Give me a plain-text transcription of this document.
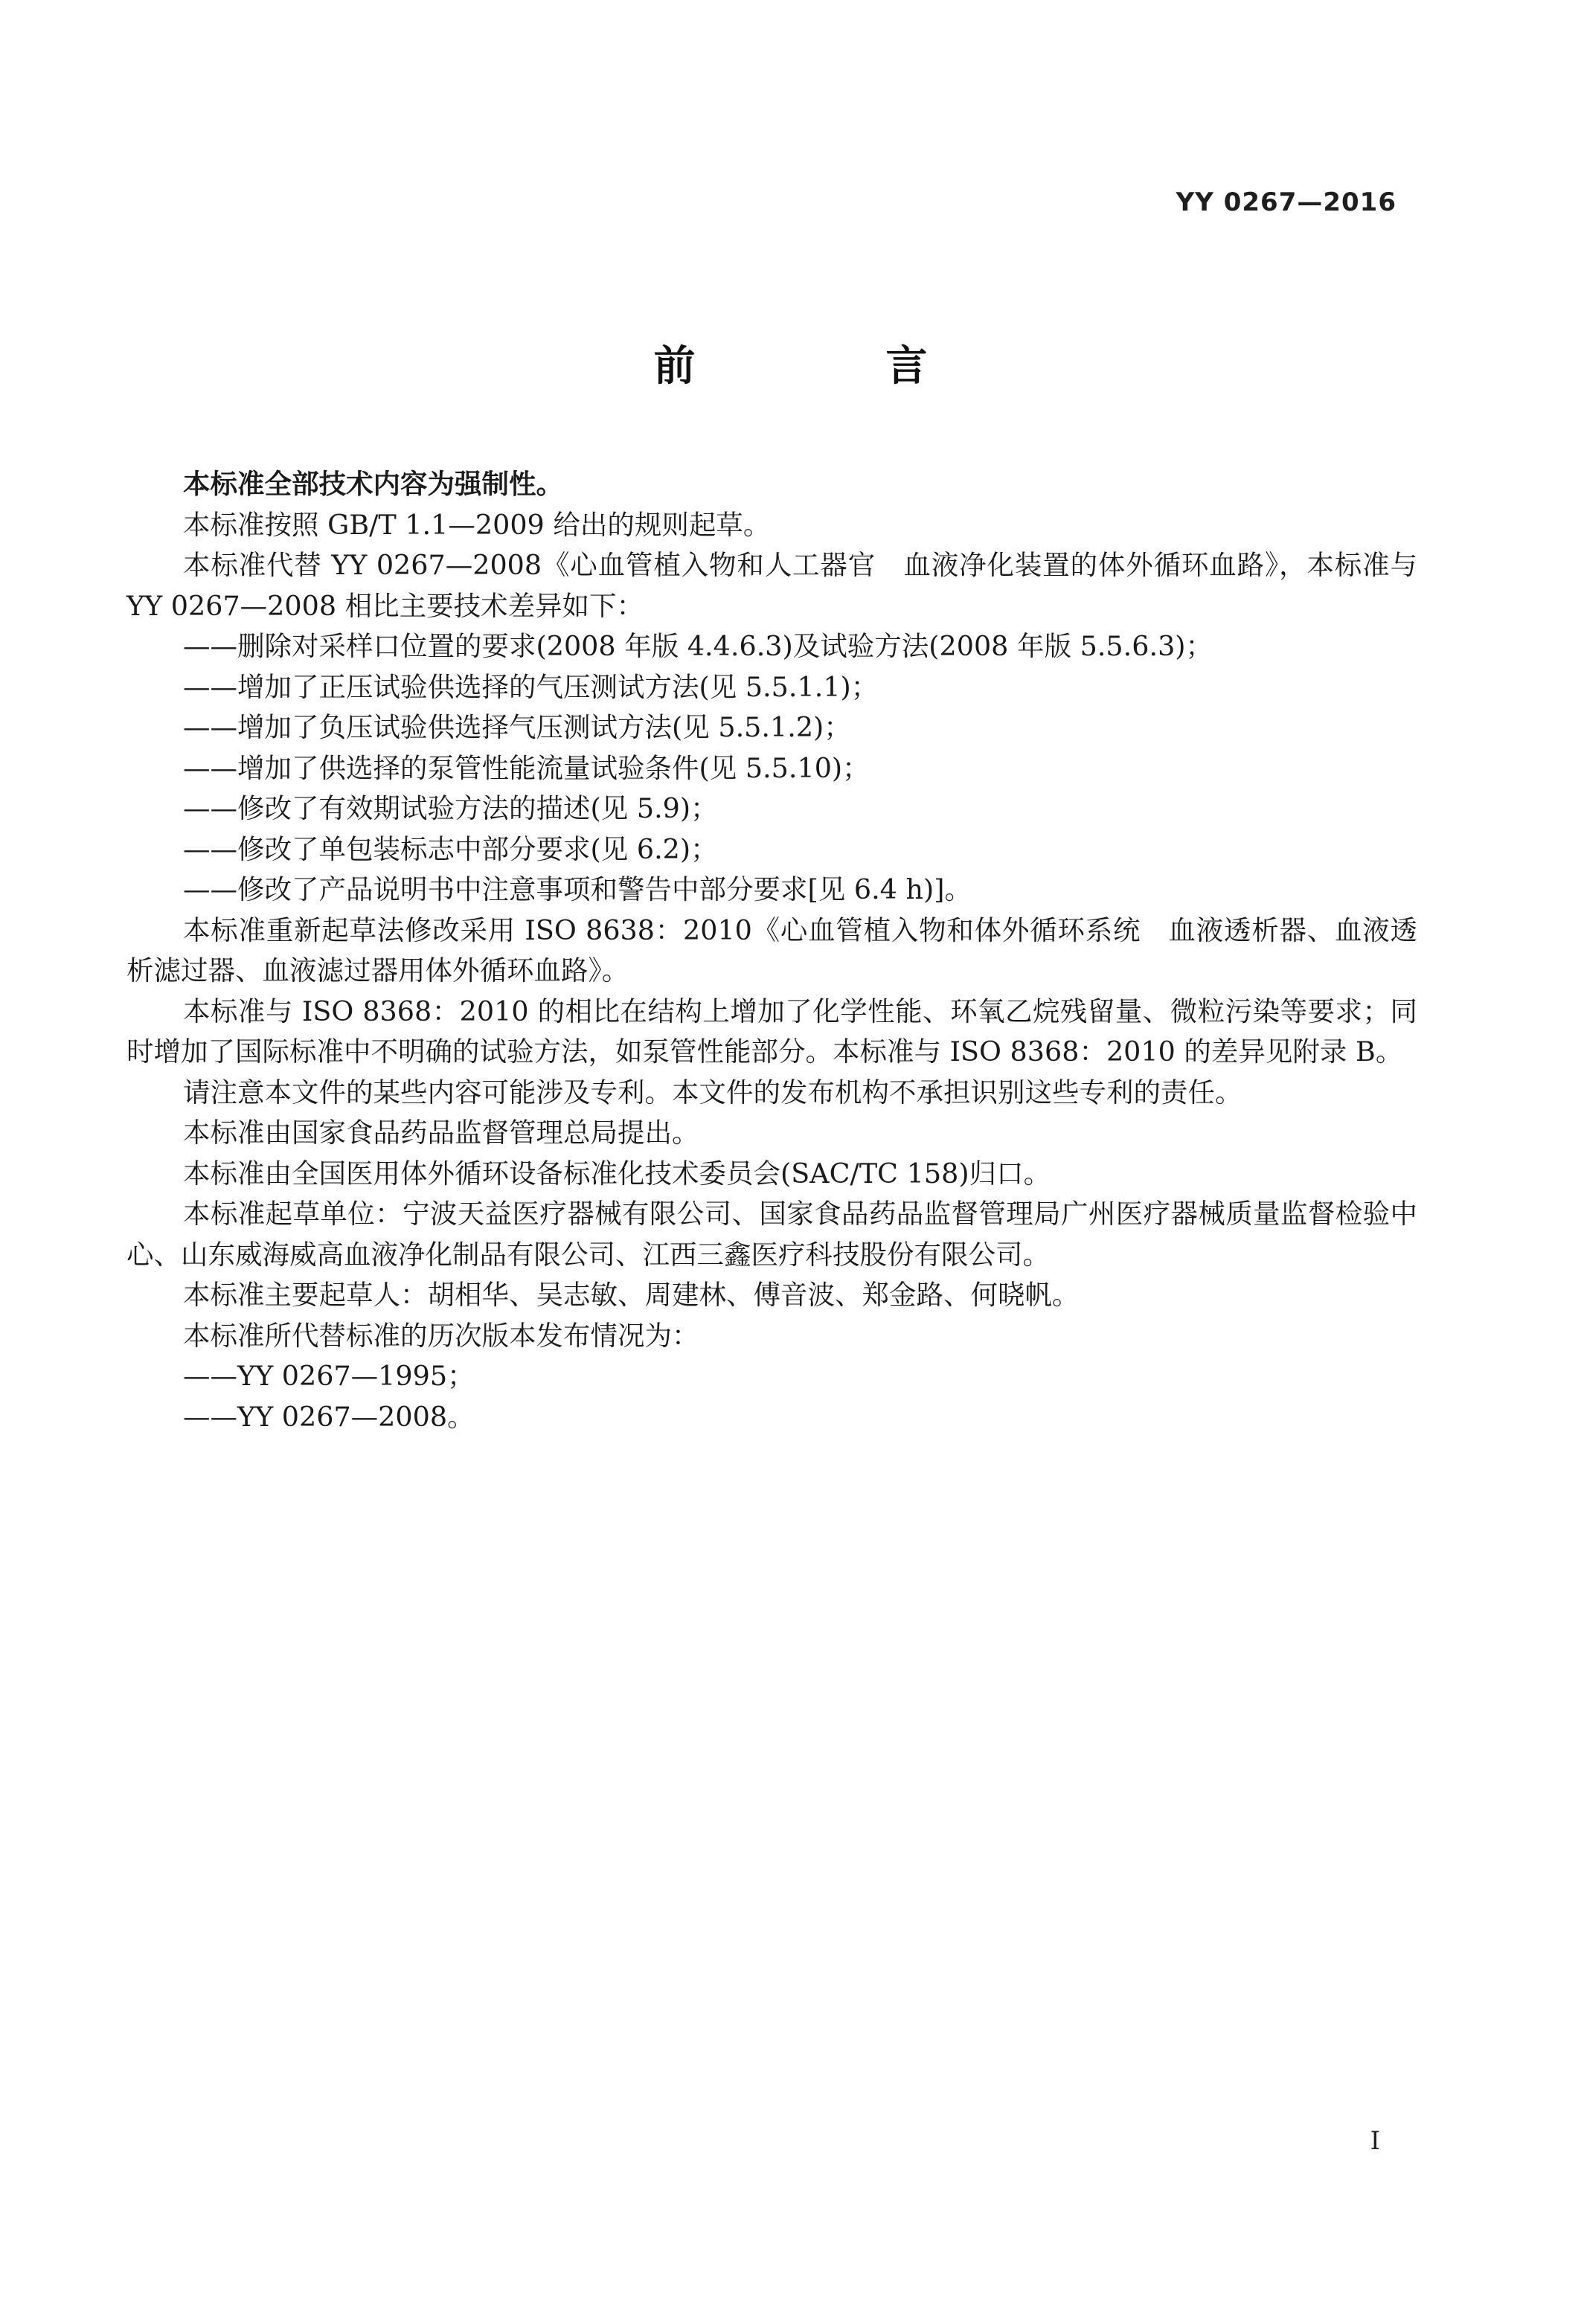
YY 0267—2016
前　言

本标准全部技术内容为强制性。

本标准按照 GB/T 1.1—2009 给出的规则起草。

本标准代替 YY 0267—2008《心血管植入物和人工器官　血液净化装置的体外循环血路》，本标准与 YY 0267—2008 相比主要技术差异如下：

——删除对采样口位置的要求(2008 年版 4.4.6.3)及试验方法(2008 年版 5.5.6.3)；

——增加了正压试验供选择的气压测试方法(见 5.5.1.1)；

——增加了负压试验供选择气压测试方法(见 5.5.1.2)；

——增加了供选择的泵管性能流量试验条件(见 5.5.10)；

——修改了有效期试验方法的描述(见 5.9)；

——修改了单包装标志中部分要求(见 6.2)；

——修改了产品说明书中注意事项和警告中部分要求[见 6.4 h)]。

本标准重新起草法修改采用 ISO 8638：2010《心血管植入物和体外循环系统　血液透析器、血液透析滤过器、血液滤过器用体外循环血路》。

本标准与 ISO 8368：2010 的相比在结构上增加了化学性能、环氧乙烷残留量、微粒污染等要求；同时增加了国际标准中不明确的试验方法，如泵管性能部分。本标准与 ISO 8368：2010 的差异见附录 B。

请注意本文件的某些内容可能涉及专利。本文件的发布机构不承担识别这些专利的责任。

本标准由国家食品药品监督管理总局提出。

本标准由全国医用体外循环设备标准化技术委员会(SAC/TC 158)归口。

本标准起草单位：宁波天益医疗器械有限公司、国家食品药品监督管理局广州医疗器械质量监督检验中心、山东威海威高血液净化制品有限公司、江西三鑫医疗科技股份有限公司。

本标准主要起草人：胡相华、吴志敏、周建林、傅音波、郑金路、何晓帆。

本标准所代替标准的历次版本发布情况为：

——YY 0267—1995；

——YY 0267—2008。

I
